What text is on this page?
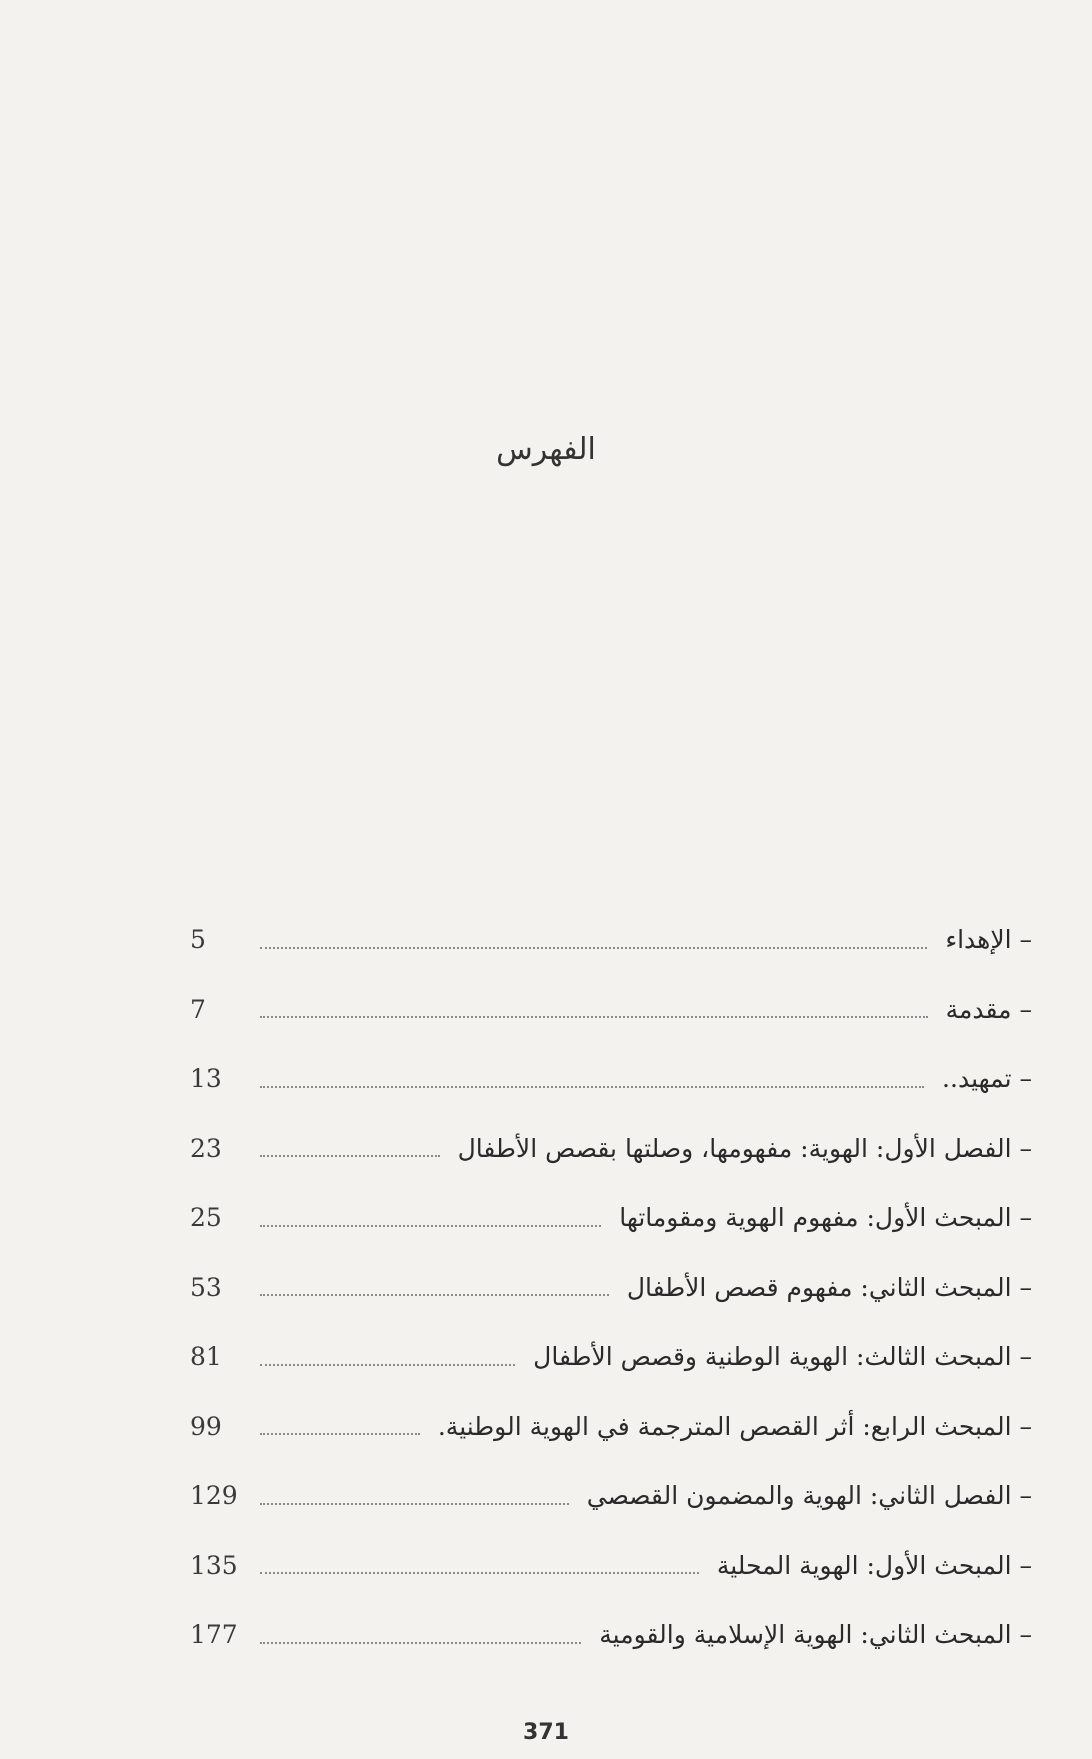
الفهرس
– الإهداء
5
– مقدمة
7
– تمهيد..
13
– الفصل الأول: الهوية: مفهومها، وصلتها بقصص الأطفال
23
– المبحث الأول: مفهوم الهوية ومقوماتها
25
– المبحث الثاني: مفهوم قصص الأطفال
53
– المبحث الثالث: الهوية الوطنية وقصص الأطفال
81
– المبحث الرابع: أثر القصص المترجمة في الهوية الوطنية.
99
– الفصل الثاني: الهوية والمضمون القصصي
129
– المبحث الأول: الهوية المحلية
135
– المبحث الثاني: الهوية الإسلامية والقومية
177
371
